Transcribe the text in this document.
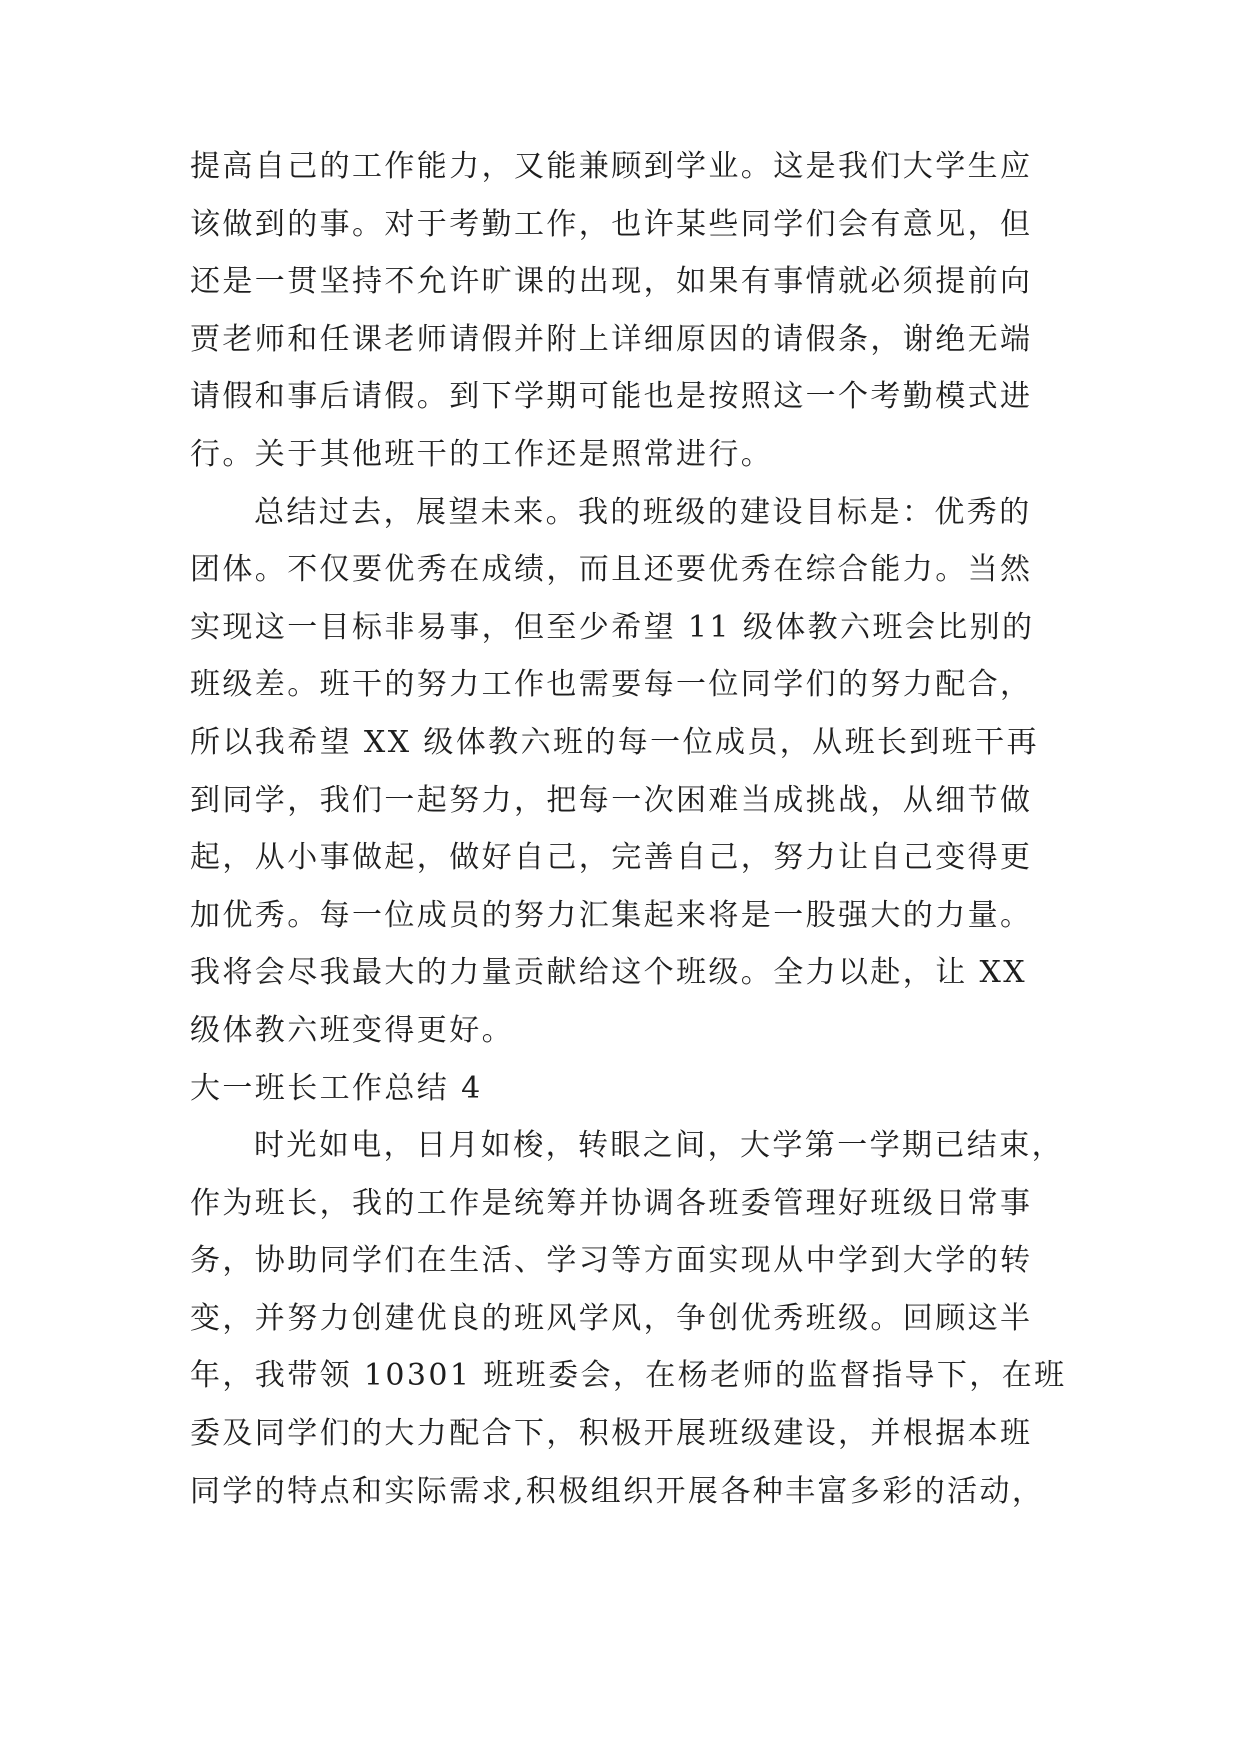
提高自己的工作能力，又能兼顾到学业。这是我们大学生应
该做到的事。对于考勤工作，也许某些同学们会有意见，但
还是一贯坚持不允许旷课的出现，如果有事情就必须提前向
贾老师和任课老师请假并附上详细原因的请假条，谢绝无端
请假和事后请假。到下学期可能也是按照这一个考勤模式进
行。关于其他班干的工作还是照常进行。
总结过去，展望未来。我的班级的建设目标是：优秀的
团体。不仅要优秀在成绩，而且还要优秀在综合能力。当然
实现这一目标非易事，但至少希望 11 级体教六班会比别的
班级差。班干的努力工作也需要每一位同学们的努力配合，
所以我希望 XX 级体教六班的每一位成员，从班长到班干再
到同学，我们一起努力，把每一次困难当成挑战，从细节做
起，从小事做起，做好自己，完善自己，努力让自己变得更
加优秀。每一位成员的努力汇集起来将是一股强大的力量。
我将会尽我最大的力量贡献给这个班级。全力以赴，让 XX
级体教六班变得更好。
大一班长工作总结 4
时光如电，日月如梭，转眼之间，大学第一学期已结束，
作为班长，我的工作是统筹并协调各班委管理好班级日常事
务，协助同学们在生活、学习等方面实现从中学到大学的转
变，并努力创建优良的班风学风，争创优秀班级。回顾这半
年，我带领 10301 班班委会，在杨老师的监督指导下，在班
委及同学们的大力配合下，积极开展班级建设，并根据本班
同学的特点和实际需求,积极组织开展各种丰富多彩的活动，
